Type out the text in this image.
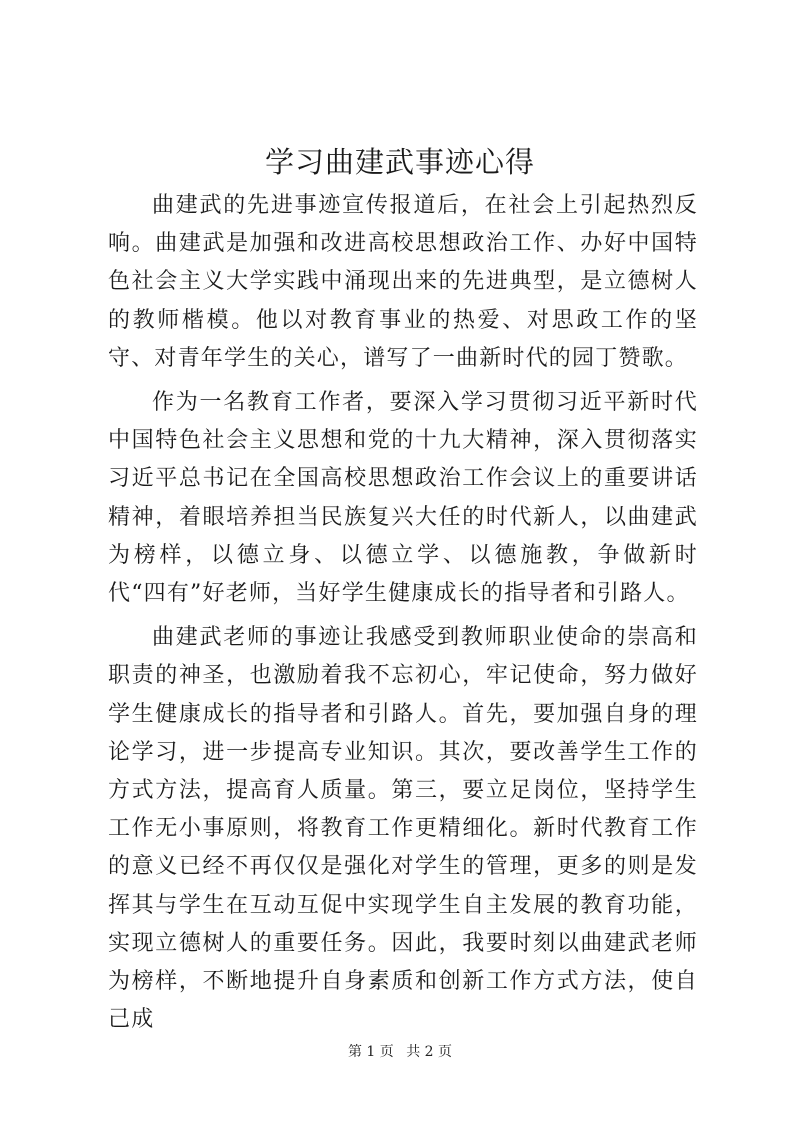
学习曲建武事迹心得

曲建武的先进事迹宣传报道后，在社会上引起热烈反响。曲建武是加强和改进高校思想政治工作、办好中国特色社会主义大学实践中涌现出来的先进典型，是立德树人的教师楷模。他以对教育事业的热爱、对思政工作的坚守、对青年学生的关心，谱写了一曲新时代的园丁赞歌。

作为一名教育工作者，要深入学习贯彻习近平新时代中国特色社会主义思想和党的十九大精神，深入贯彻落实习近平总书记在全国高校思想政治工作会议上的重要讲话精神，着眼培养担当民族复兴大任的时代新人，以曲建武为榜样，以德立身、以德立学、以德施教，争做新时代“四有”好老师，当好学生健康成长的指导者和引路人。

曲建武老师的事迹让我感受到教师职业使命的崇高和职责的神圣，也激励着我不忘初心，牢记使命，努力做好学生健康成长的指导者和引路人。首先，要加强自身的理论学习，进一步提高专业知识。其次，要改善学生工作的方式方法，提高育人质量。第三，要立足岗位，坚持学生工作无小事原则，将教育工作更精细化。新时代教育工作的意义已经不再仅仅是强化对学生的管理，更多的则是发挥其与学生在互动互促中实现学生自主发展的教育功能，实现立德树人的重要任务。因此，我要时刻以曲建武老师为榜样，不断地提升自身素质和创新工作方式方法，使自己成

第 1 页 共 2 页
